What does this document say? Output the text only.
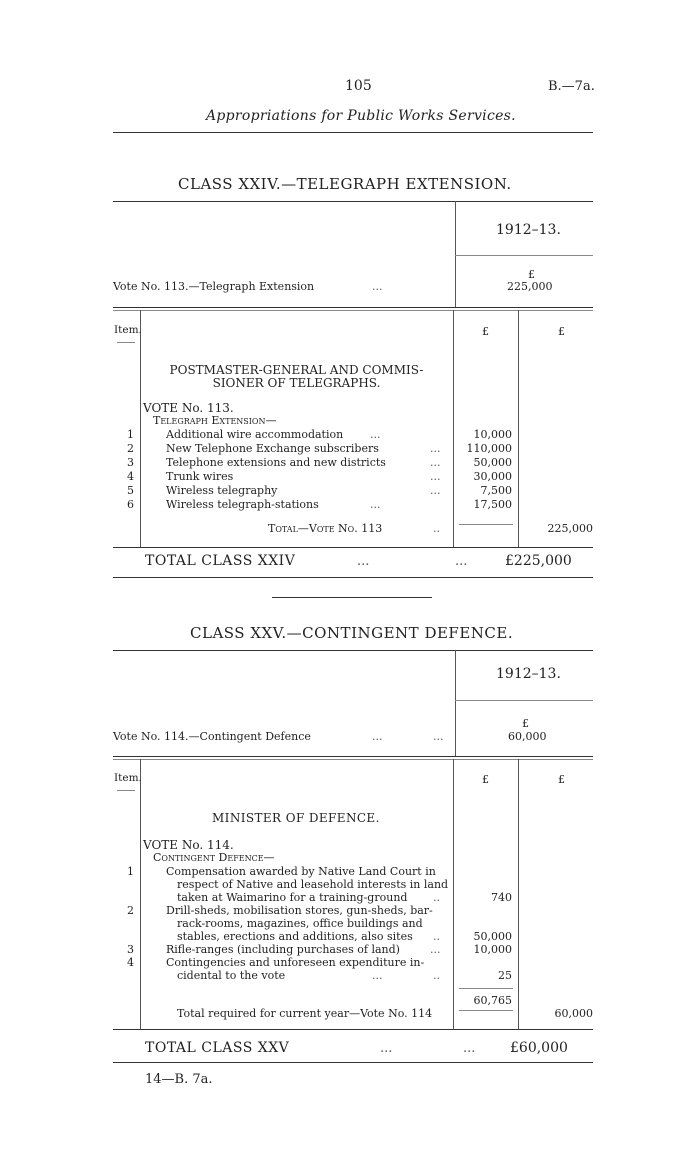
105	B.—7a.
Appropriations for Public Works Services.
CLASS XXIV.—TELEGRAPH EXTENSION.
1912–13.
£
Vote No. 113.—Telegraph Extension	...	225,000
Item.	£	£
POSTMASTER-GENERAL AND COMMIS-
SIONER OF TELEGRAPHS.
VOTE No. 113.
Telegraph Extension—
1	Additional wire accommodation ...	10,000
2	New Telephone Exchange subscribers	...	110,000
3	Telephone extensions and new districts	...	50,000
4	Trunk wires	...	30,000
5	Wireless telegraphy	...	7,500
6	Wireless telegraph-stations	...	17,500
Total—Vote No. 113	..	225,000
TOTAL CLASS XXIV	...	...	£225,000
CLASS XXV.—CONTINGENT DEFENCE.
1912–13.
£
Vote No. 114.—Contingent Defence	...	...	60,000
Item.	£	£
MINISTER OF DEFENCE.
VOTE No. 114.
Contingent Defence—
1	Compensation awarded by Native Land Court in
respect of Native and leasehold interests in land
taken at Waimarino for a training-ground ..	740
2	Drill-sheds, mobilisation stores, gun-sheds, bar-
rack-rooms, magazines, office buildings and
stables, erections and additions, also sites ..	50,000
3	Rifle-ranges (including purchases of land)	...	10,000
4	Contingencies and unforeseen expenditure in-
cidental to the vote	...	..	25
60,765
Total required for current year—Vote No. 114	60,000
TOTAL CLASS XXV	...	... £60,000
14—B. 7a.
